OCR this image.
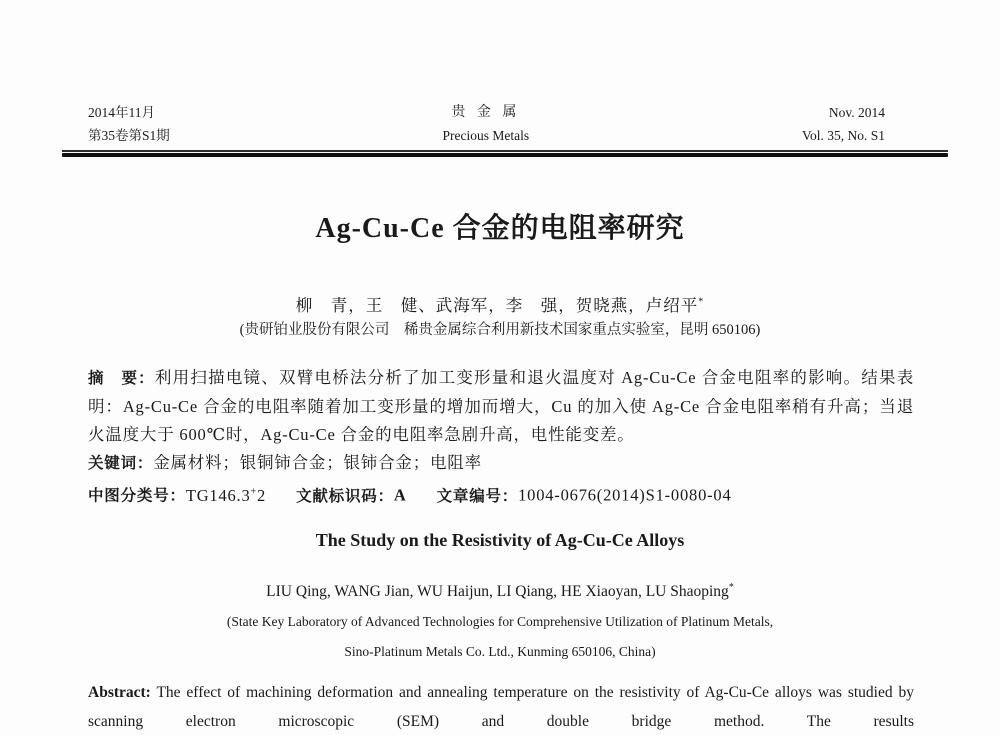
2014年11月
第35卷第S1期
贵 金 属
Precious Metals
Nov. 2014
Vol. 35, No. S1
Ag-Cu-Ce 合金的电阻率研究
柳　青，王　健、武海军，李　强，贺晓燕，卢绍平*
(贵研铂业股份有限公司　稀贵金属综合利用新技术国家重点实验室，昆明 650106)

摘　要：利用扫描电镜、双臂电桥法分析了加工变形量和退火温度对 Ag-Cu-Ce 合金电阻率的影响。结果表明：Ag-Cu-Ce 合金的电阻率随着加工变形量的增加而增大，Cu 的加入使 Ag-Ce 合金电阻率稍有升高；当退火温度大于 600℃时，Ag-Cu-Ce 合金的电阻率急剧升高，电性能变差。

关键词：金属材料；银铜铈合金；银铈合金；电阻率

中图分类号：TG146.3+2 文献标识码：A 文章编号：1004-0676(2014)S1-0080-04

The Study on the Resistivity of Ag-Cu-Ce Alloys
LIU Qing, WANG Jian, WU Haijun, LI Qiang, HE Xiaoyan, LU Shaoping*
(State Key Laboratory of Advanced Technologies for Comprehensive Utilization of Platinum Metals,
Sino-Platinum Metals Co. Ltd., Kunming 650106, China)

Abstract: The effect of machining deformation and annealing temperature on the resistivity of Ag-Cu-Ce alloys was studied by scanning electron microscopic (SEM) and double bridge method. The results
